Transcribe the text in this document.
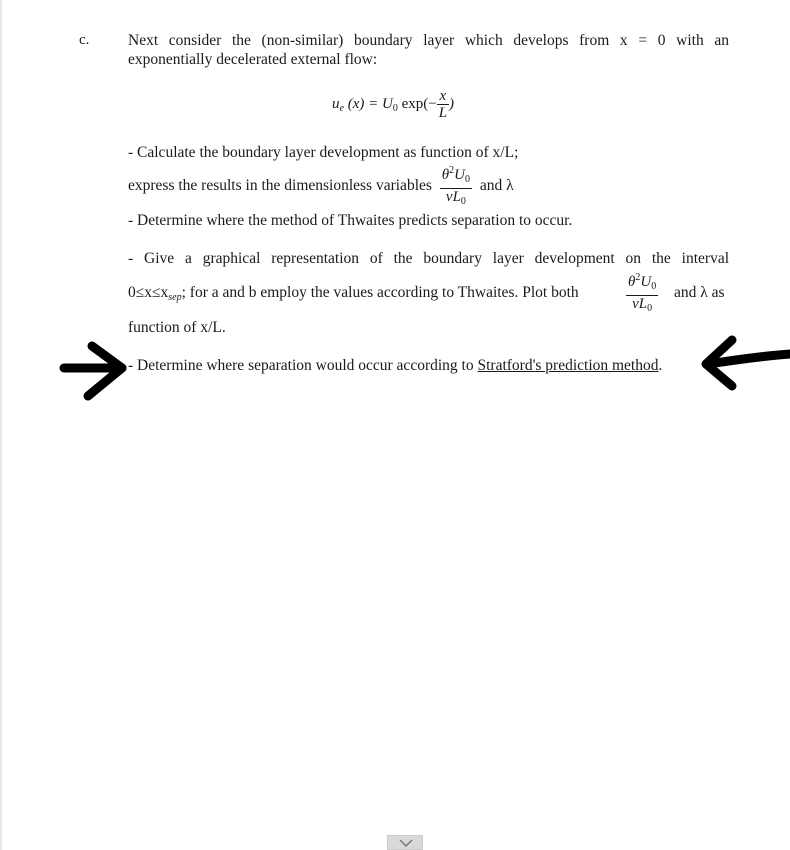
c. Next consider the (non-similar) boundary layer which develops from x = 0 with an
exponentially decelerated external flow:
$u_e$ $(x) = U_0$ $\exp(- \frac{x}{L}$ )
- Calculate the boundary layer development as function of x/L;
express the results in the dimensionless variables $\frac{\theta^2U_0}{\nu L_0}$ and λ
- Determine where the method of Thwaites predicts separation to occur.
- Give a graphical representation of the boundary layer development on the interval
$0\le x\le x_{sep}$; for a and b employ the values according to Thwaites. Plot both	$\frac{\theta^2U_0}{\nu L_0}$ and λ as
function of x/L.
- Determine where separation would occur according to Stratford's prediction method.
